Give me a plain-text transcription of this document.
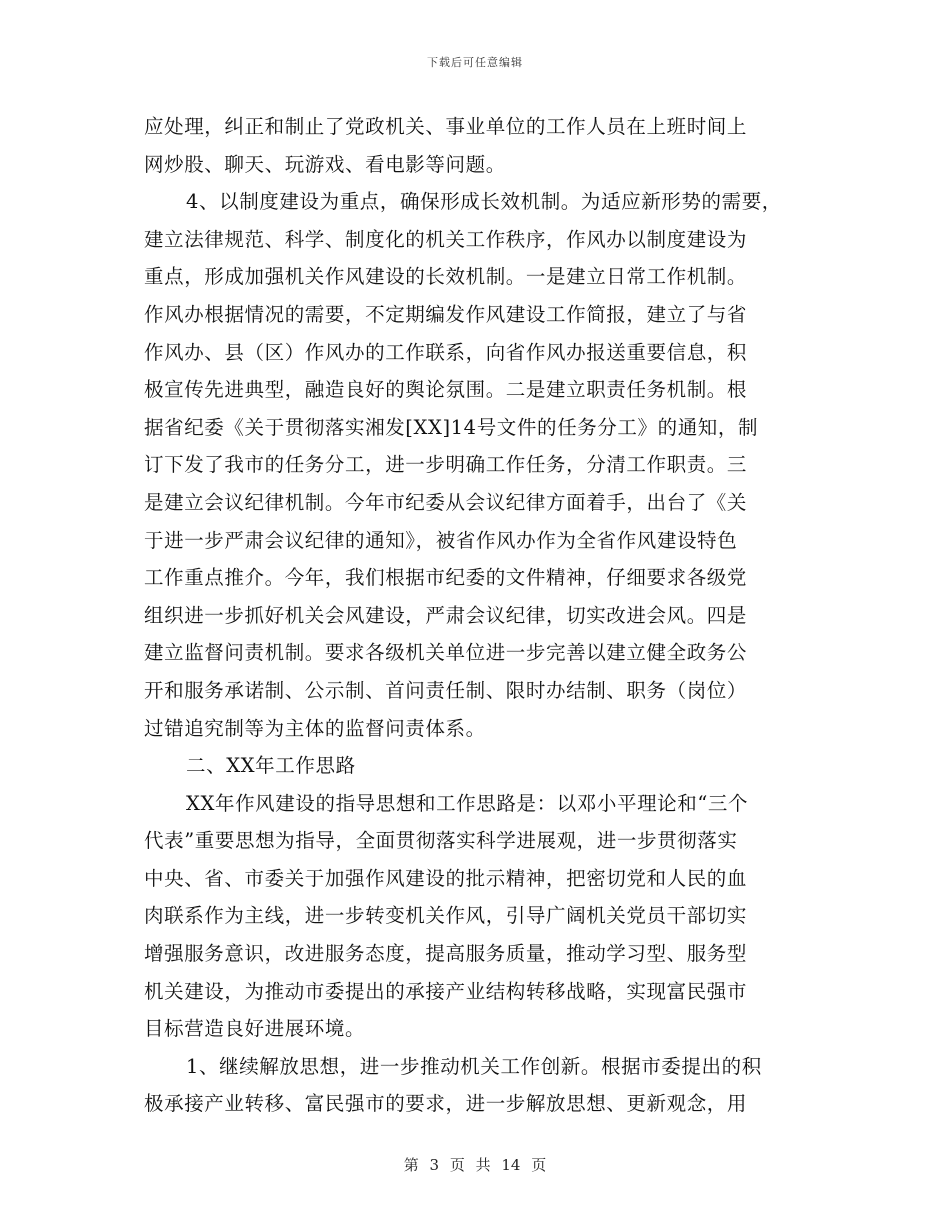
下载后可任意编辑
应处理，纠正和制止了党政机关、事业单位的工作人员在上班时间上
网炒股、聊天、玩游戏、看电影等问题。
4、以制度建设为重点，确保形成长效机制。为适应新形势的需要，
建立法律规范、科学、制度化的机关工作秩序，作风办以制度建设为
重点，形成加强机关作风建设的长效机制。一是建立日常工作机制。
作风办根据情况的需要，不定期编发作风建设工作简报，建立了与省
作风办、县（区）作风办的工作联系，向省作风办报送重要信息，积
极宣传先进典型，融造良好的舆论氛围。二是建立职责任务机制。根
据省纪委《关于贯彻落实湘发[XX]14号文件的任务分工》的通知，制
订下发了我市的任务分工，进一步明确工作任务，分清工作职责。三
是建立会议纪律机制。今年市纪委从会议纪律方面着手，出台了《关
于进一步严肃会议纪律的通知》，被省作风办作为全省作风建设特色
工作重点推介。今年，我们根据市纪委的文件精神，仔细要求各级党
组织进一步抓好机关会风建设，严肃会议纪律，切实改进会风。四是
建立监督问责机制。要求各级机关单位进一步完善以建立健全政务公
开和服务承诺制、公示制、首问责任制、限时办结制、职务（岗位）
过错追究制等为主体的监督问责体系。
二、XX年工作思路
XX年作风建设的指导思想和工作思路是：以邓小平理论和“三个
代表”重要思想为指导，全面贯彻落实科学进展观，进一步贯彻落实
中央、省、市委关于加强作风建设的批示精神，把密切党和人民的血
肉联系作为主线，进一步转变机关作风，引导广阔机关党员干部切实
增强服务意识，改进服务态度，提高服务质量，推动学习型、服务型
机关建设，为推动市委提出的承接产业结构转移战略，实现富民强市
目标营造良好进展环境。
1、继续解放思想，进一步推动机关工作创新。根据市委提出的积
极承接产业转移、富民强市的要求，进一步解放思想、更新观念，用
第 3 页 共 14 页
